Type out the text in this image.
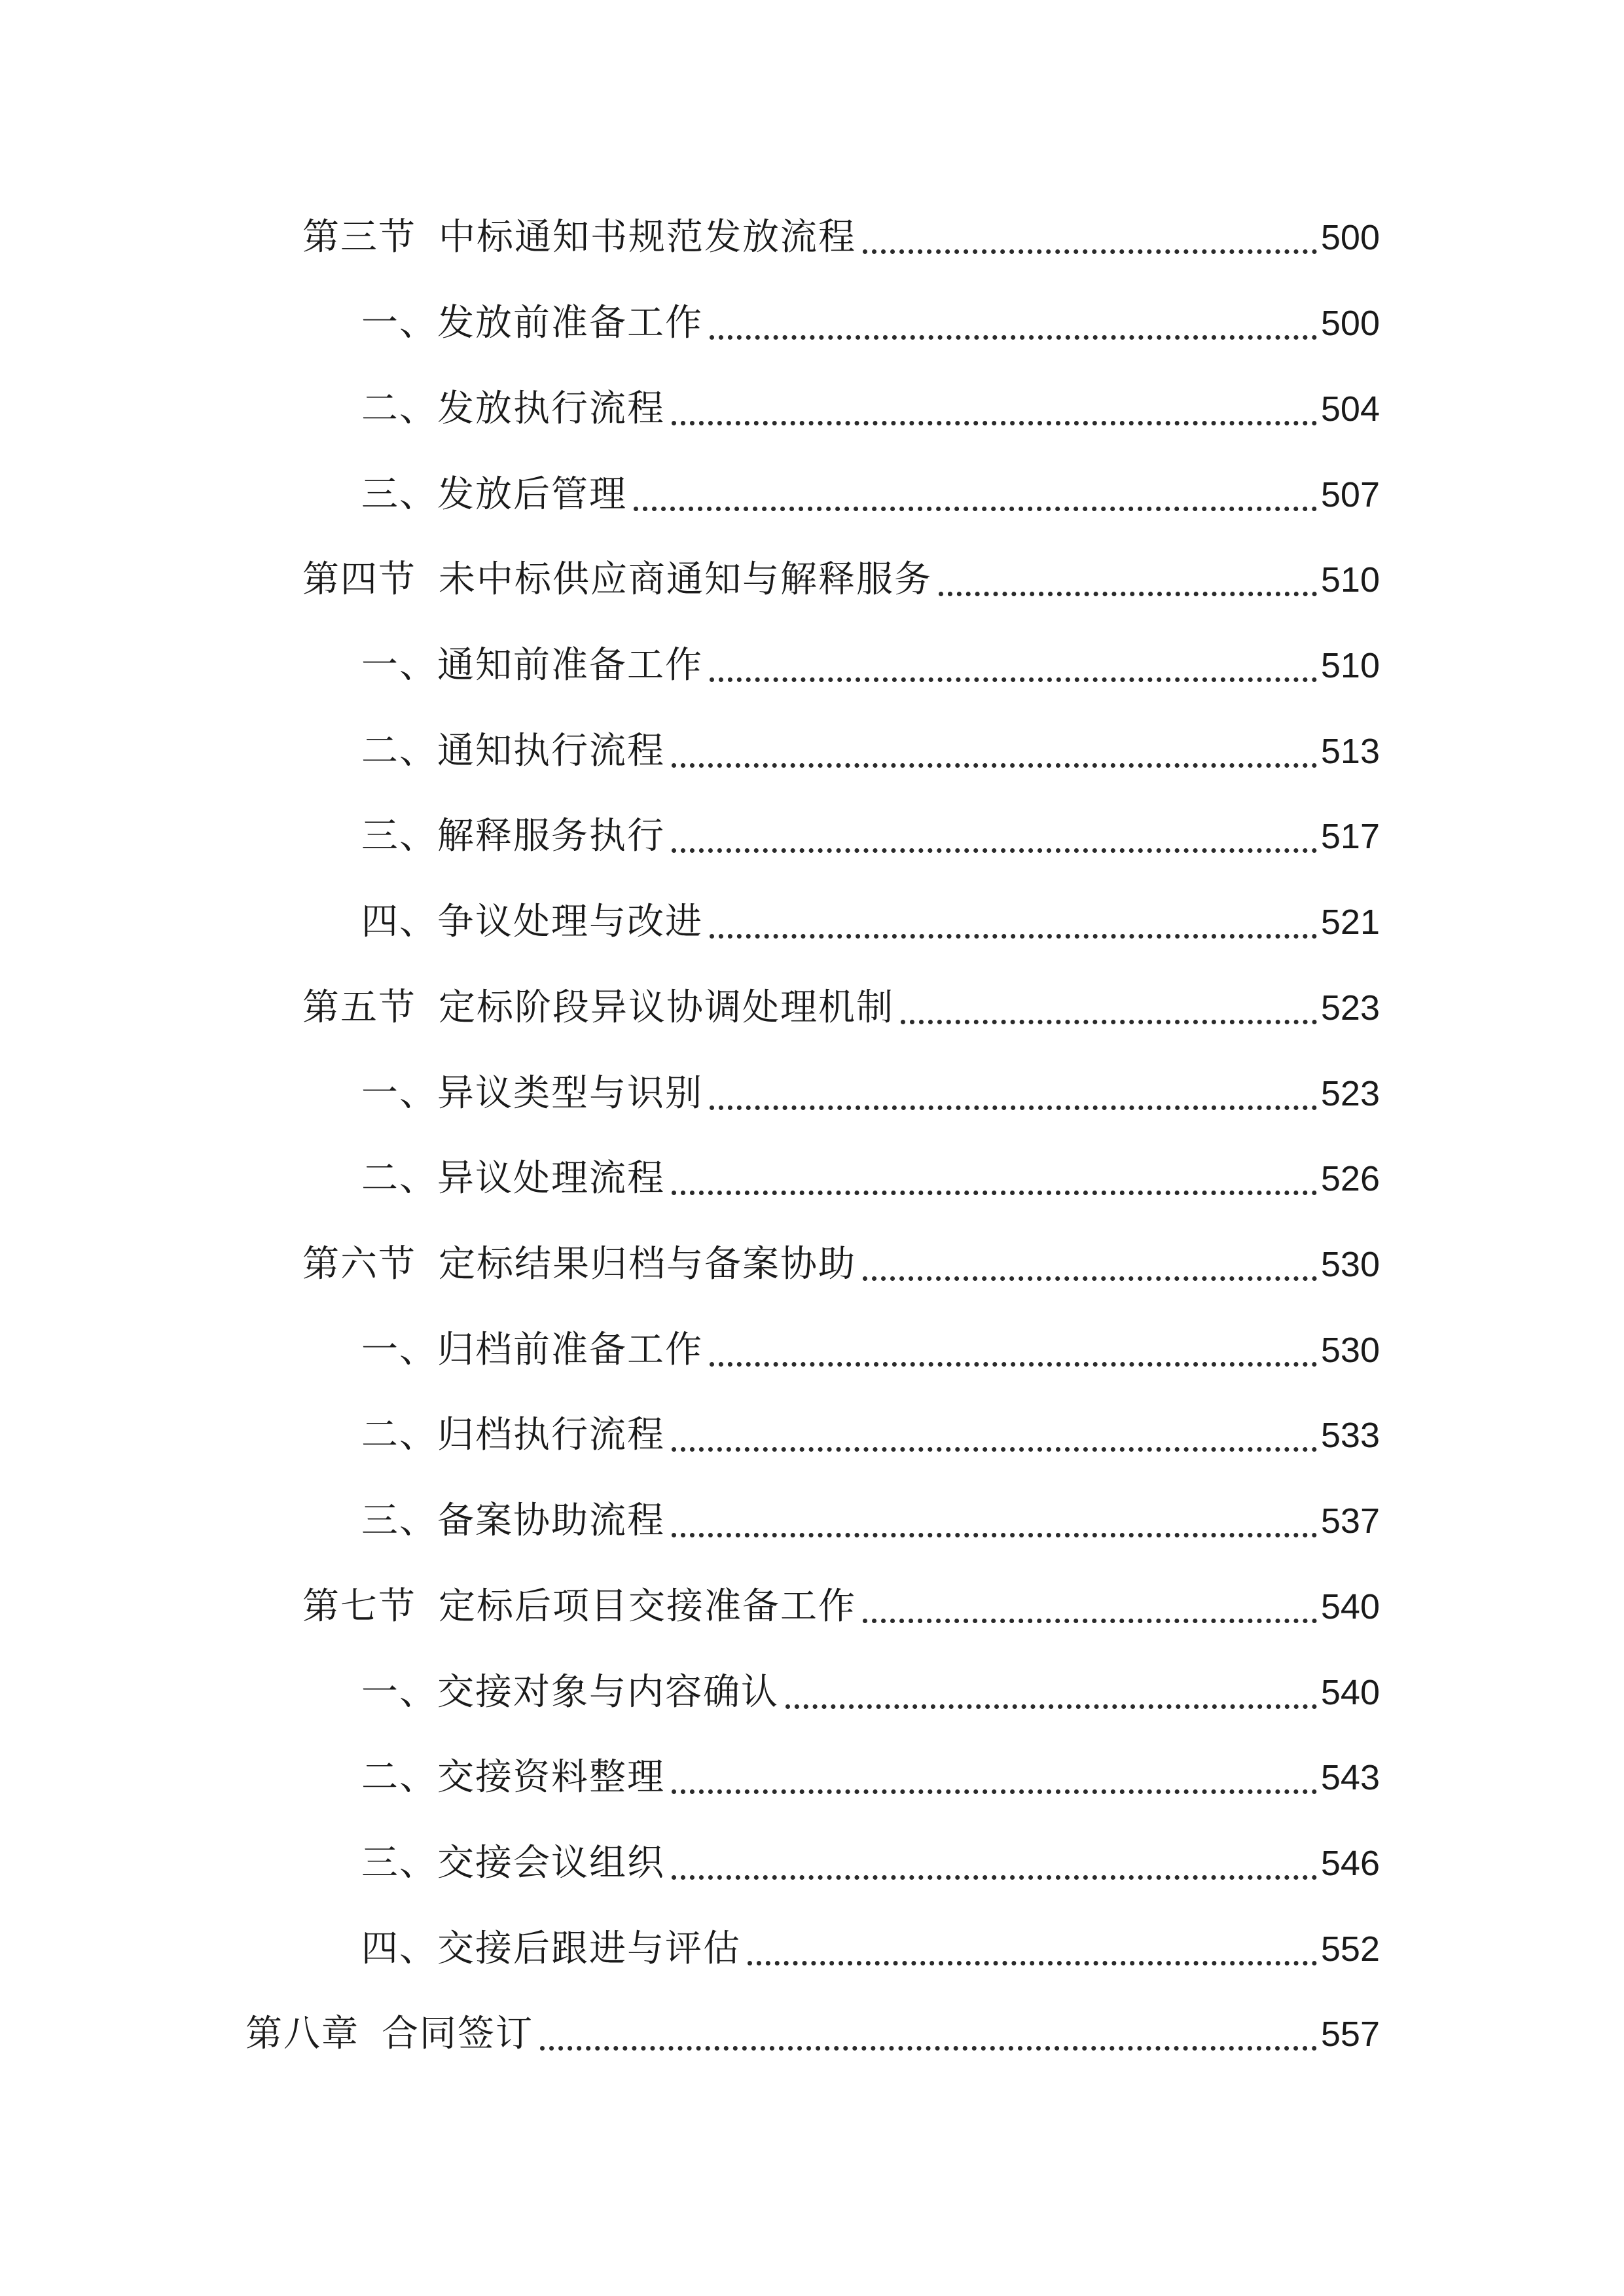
第三节 中标通知书规范发放流程	500
一、发放前准备工作	500
二、发放执行流程	504
三、发放后管理	507
第四节 未中标供应商通知与解释服务	510
一、通知前准备工作	510
二、通知执行流程	513
三、解释服务执行	517
四、争议处理与改进	521
第五节 定标阶段异议协调处理机制	523
一、异议类型与识别	523
二、异议处理流程	526
第六节 定标结果归档与备案协助	530
一、归档前准备工作	530
二、归档执行流程	533
三、备案协助流程	537
第七节 定标后项目交接准备工作	540
一、交接对象与内容确认	540
二、交接资料整理	543
三、交接会议组织	546
四、交接后跟进与评估	552
第八章 合同签订	557
